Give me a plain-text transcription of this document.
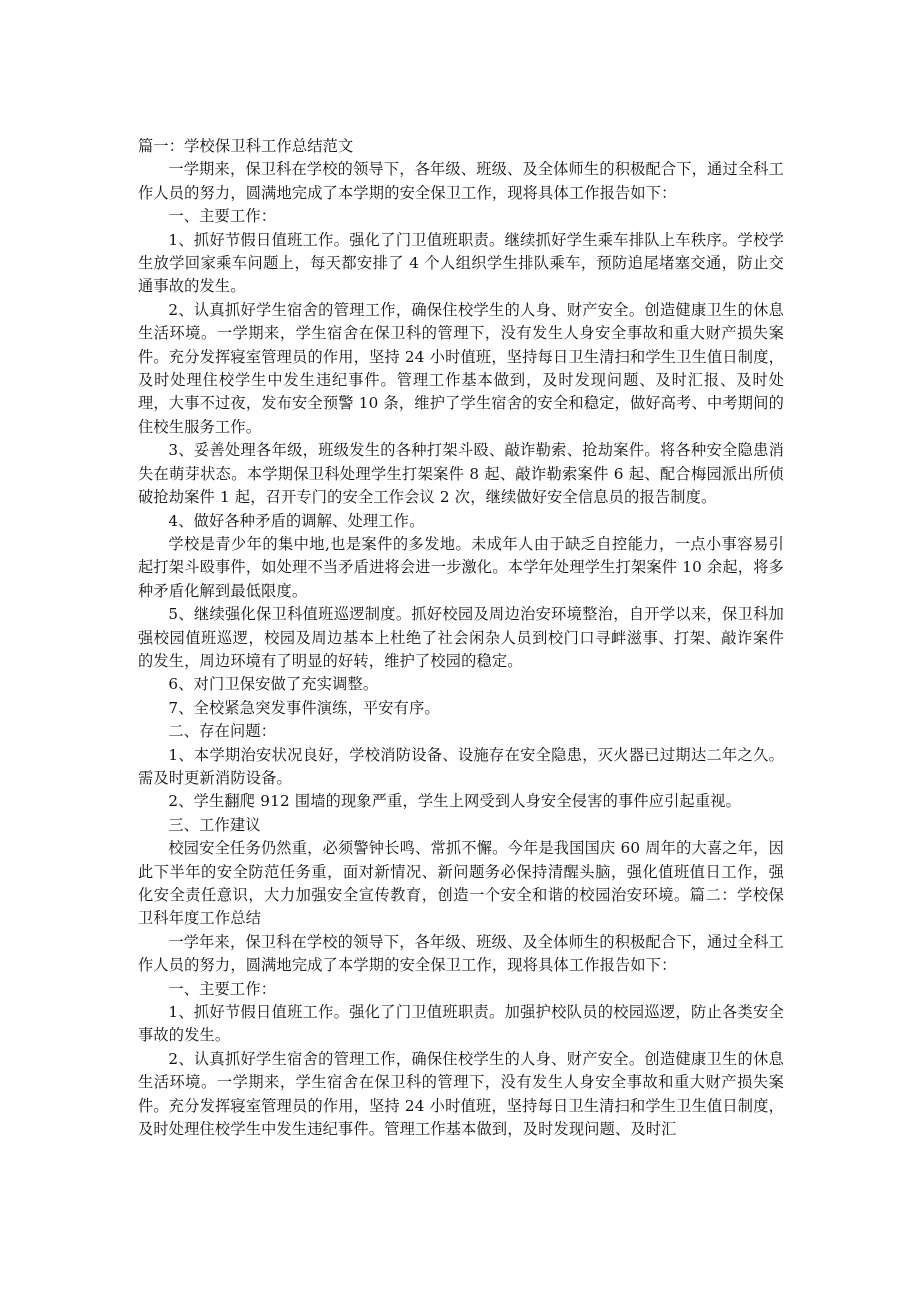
篇一：学校保卫科工作总结范文

一学期来，保卫科在学校的领导下，各年级、班级、及全体师生的积极配合下，通过全科工作人员的努力，圆满地完成了本学期的安全保卫工作，现将具体工作报告如下：

一、主要工作：

1、抓好节假日值班工作。强化了门卫值班职责。继续抓好学生乘车排队上车秩序。学校学生放学回家乘车问题上，每天都安排了 4 个人组织学生排队乘车，预防追尾堵塞交通，防止交通事故的发生。

2、认真抓好学生宿舍的管理工作，确保住校学生的人身、财产安全。创造健康卫生的休息生活环境。一学期来，学生宿舍在保卫科的管理下，没有发生人身安全事故和重大财产损失案件。充分发挥寝室管理员的作用，坚持 24 小时值班，坚持每日卫生清扫和学生卫生值日制度，及时处理住校学生中发生违纪事件。管理工作基本做到，及时发现问题、及时汇报、及时处理，大事不过夜，发布安全预警 10 条，维护了学生宿舍的安全和稳定，做好高考、中考期间的住校生服务工作。

3、妥善处理各年级，班级发生的各种打架斗殴、敲诈勒索、抢劫案件。将各种安全隐患消失在萌芽状态。本学期保卫科处理学生打架案件 8 起、敲诈勒索案件 6 起、配合梅园派出所侦破抢劫案件 1 起，召开专门的安全工作会议 2 次，继续做好安全信息员的报告制度。

4、做好各种矛盾的调解、处理工作。

学校是青少年的集中地,也是案件的多发地。未成年人由于缺乏自控能力，一点小事容易引起打架斗殴事件，如处理不当矛盾进将会进一步激化。本学年处理学生打架案件 10 余起，将多种矛盾化解到最低限度。

5、继续强化保卫科值班巡逻制度。抓好校园及周边治安环境整治，自开学以来，保卫科加强校园值班巡逻，校园及周边基本上杜绝了社会闲杂人员到校门口寻衅滋事、打架、敲诈案件的发生，周边环境有了明显的好转，维护了校园的稳定。

6、对门卫保安做了充实调整。

7、全校紧急突发事件演练，平安有序。

二、存在问题：

1、本学期治安状况良好，学校消防设备、设施存在安全隐患，灭火器已过期达二年之久。需及时更新消防设备。

2、学生翻爬 912 围墙的现象严重，学生上网受到人身安全侵害的事件应引起重视。

三、工作建议

校园安全任务仍然重，必须警钟长鸣、常抓不懈。今年是我国国庆 60 周年的大喜之年，因此下半年的安全防范任务重，面对新情况、新问题务必保持清醒头脑，强化值班值日工作，强化安全责任意识，大力加强安全宣传教育，创造一个安全和谐的校园治安环境。篇二：学校保卫科年度工作总结

一学年来，保卫科在学校的领导下，各年级、班级、及全体师生的积极配合下，通过全科工作人员的努力，圆满地完成了本学期的安全保卫工作，现将具体工作报告如下：

一、主要工作：

1、抓好节假日值班工作。强化了门卫值班职责。加强护校队员的校园巡逻，防止各类安全事故的发生。

2、认真抓好学生宿舍的管理工作，确保住校学生的人身、财产安全。创造健康卫生的休息生活环境。一学期来，学生宿舍在保卫科的管理下，没有发生人身安全事故和重大财产损失案件。充分发挥寝室管理员的作用，坚持 24 小时值班，坚持每日卫生清扫和学生卫生值日制度，及时处理住校学生中发生违纪事件。管理工作基本做到，及时发现问题、及时汇
